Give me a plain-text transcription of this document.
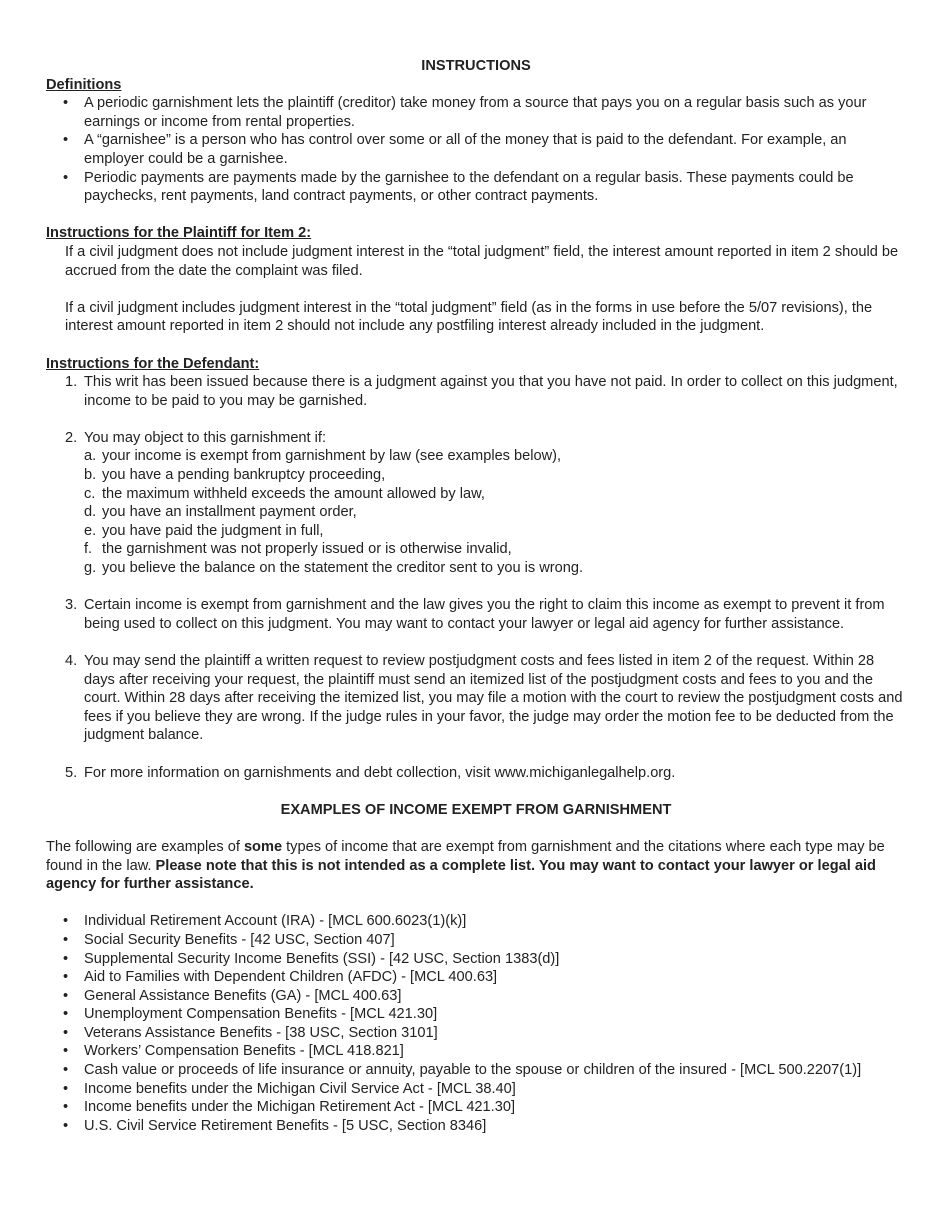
INSTRUCTIONS

Definitions

• A periodic garnishment lets the plaintiff (creditor) take money from a source that pays you on a regular basis such as your earnings or income from rental properties.
• A “garnishee” is a person who has control over some or all of the money that is paid to the defendant. For example, an employer could be a garnishee.
• Periodic payments are payments made by the garnishee to the defendant on a regular basis. These payments could be paychecks, rent payments, land contract payments, or other contract payments.

Instructions for the Plaintiff for Item 2:

If a civil judgment does not include judgment interest in the “total judgment” field, the interest amount reported in item 2 should be accrued from the date the complaint was filed.

If a civil judgment includes judgment interest in the “total judgment” field (as in the forms in use before the 5/07 revisions), the interest amount reported in item 2 should not include any postfiling interest already included in the judgment.

Instructions for the Defendant:

1. This writ has been issued because there is a judgment against you that you have not paid. In order to collect on this judgment, income to be paid to you may be garnished.
2. You may object to this garnishment if:
a. your income is exempt from garnishment by law (see examples below),
b. you have a pending bankruptcy proceeding,
c. the maximum withheld exceeds the amount allowed by law,
d. you have an installment payment order,
e. you have paid the judgment in full,
f. the garnishment was not properly issued or is otherwise invalid,
g. you believe the balance on the statement the creditor sent to you is wrong.
3. Certain income is exempt from garnishment and the law gives you the right to claim this income as exempt to prevent it from being used to collect on this judgment. You may want to contact your lawyer or legal aid agency for further assistance.
4. You may send the plaintiff a written request to review postjudgment costs and fees listed in item 2 of the request. Within 28 days after receiving your request, the plaintiff must send an itemized list of the postjudgment costs and fees to you and the court. Within 28 days after receiving the itemized list, you may file a motion with the court to review the postjudgment costs and fees if you believe they are wrong. If the judge rules in your favor, the judge may order the motion fee to be deducted from the judgment balance.
5. For more information on garnishments and debt collection, visit www.michiganlegalhelp.org.

EXAMPLES OF INCOME EXEMPT FROM GARNISHMENT

The following are examples of some types of income that are exempt from garnishment and the citations where each type may be found in the law. Please note that this is not intended as a complete list. You may want to contact your lawyer or legal aid agency for further assistance.

• Individual Retirement Account (IRA) - [MCL 600.6023(1)(k)]
• Social Security Benefits - [42 USC, Section 407]
• Supplemental Security Income Benefits (SSI) - [42 USC, Section 1383(d)]
• Aid to Families with Dependent Children (AFDC) - [MCL 400.63]
• General Assistance Benefits (GA) - [MCL 400.63]
• Unemployment Compensation Benefits - [MCL 421.30]
• Veterans Assistance Benefits - [38 USC, Section 3101]
• Workers’ Compensation Benefits - [MCL 418.821]
• Cash value or proceeds of life insurance or annuity, payable to the spouse or children of the insured - [MCL 500.2207(1)]
• Income benefits under the Michigan Civil Service Act - [MCL 38.40]
• Income benefits under the Michigan Retirement Act - [MCL 421.30]
• U.S. Civil Service Retirement Benefits - [5 USC, Section 8346]
